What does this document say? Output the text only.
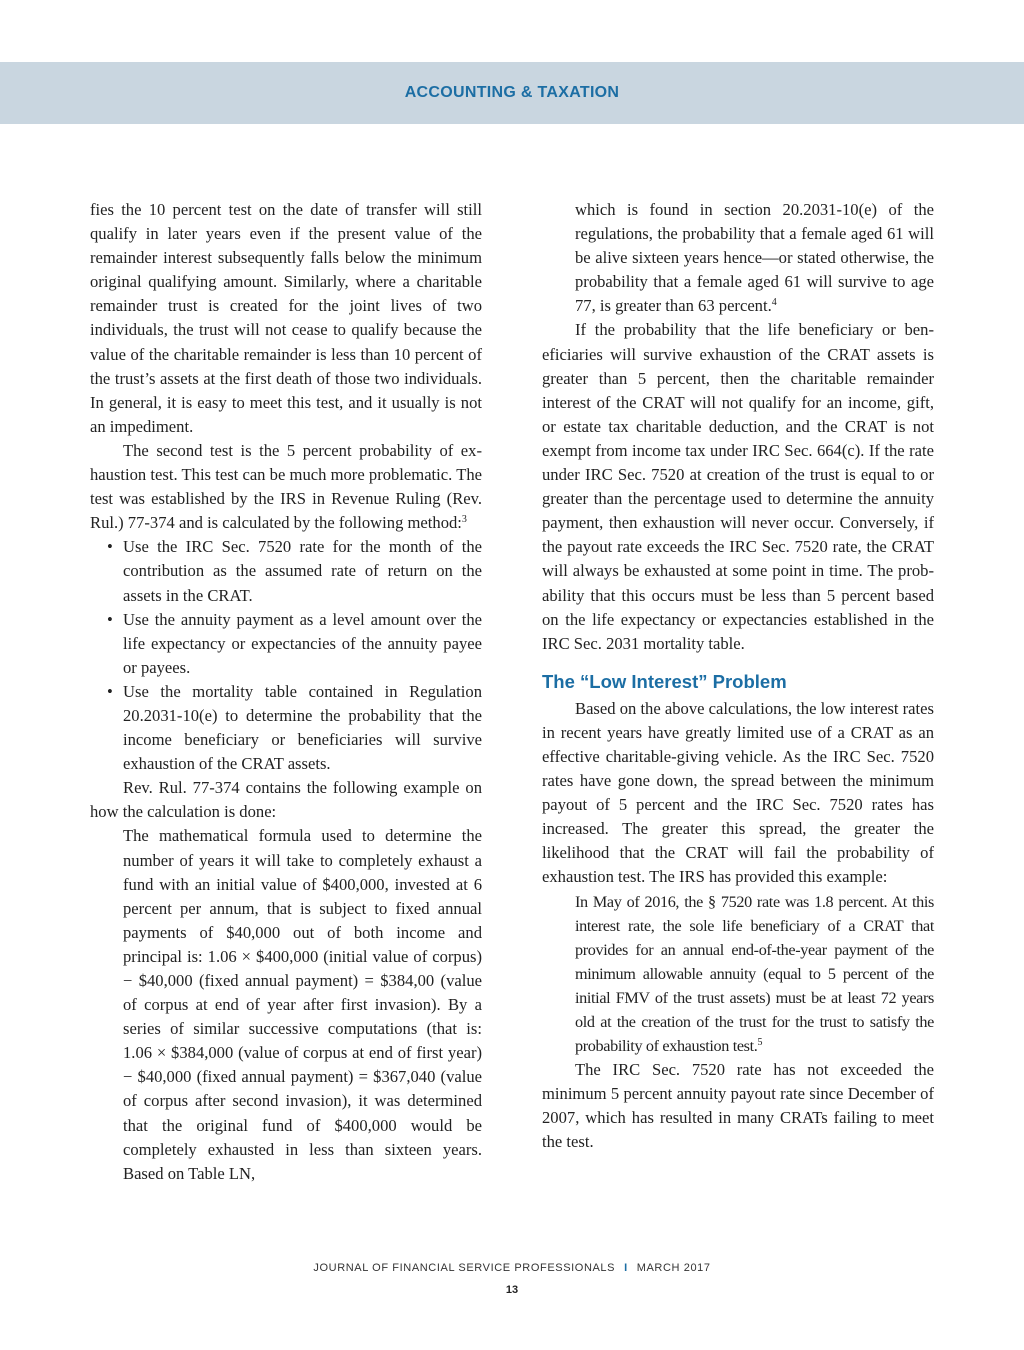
ACCOUNTING & TAXATION

fies the 10 percent test on the date of transfer will still qualify in later years even if the present value of the remainder interest subsequently falls below the minimum original qualifying amount. Similarly, where a charitable remainder trust is created for the joint lives of two individuals, the trust will not cease to qualify because the value of the charitable remainder is less than 10 percent of the trust’s assets at the first death of those two individuals. In general, it is easy to meet this test, and it usually is not an impediment.

The second test is the 5 percent probability of exhaustion test. This test can be much more problematic. The test was established by the IRS in Revenue Ruling (Rev. Rul.) 77-374 and is calculated by the following method:$^3$

• Use the IRC Sec. 7520 rate for the month of the contribution as the assumed rate of return on the assets in the CRAT.
• Use the annuity payment as a level amount over the life expectancy or expectancies of the annuity payee or payees.
• Use the mortality table contained in Regulation 20.2031-10(e) to determine the probability that the income beneficiary or beneficiaries will survive exhaustion of the CRAT assets.

Rev. Rul. 77-374 contains the following example on how the calculation is done:

The mathematical formula used to determine the number of years it will take to completely exhaust a fund with an initial value of $400,000, invested at 6 percent per annum, that is subject to fixed annual payments of $40,000 out of both income and principal is: 1.06 × $400,000 (initial value of corpus) − $40,000 (fixed annual payment) = $384,00 (value of corpus at end of year after first invasion). By a series of similar successive computations (that is: 1.06 × $384,000 (value of corpus at end of first year) − $40,000 (fixed annual payment) = $367,040 (value of corpus after second invasion), it was determined that the original fund of $400,000 would be completely exhausted in less than sixteen years. Based on Table LN,

which is found in section 20.2031-10(e) of the regulations, the probability that a female aged 61 will be alive sixteen years hence—or stated otherwise, the probability that a female aged 61 will survive to age 77, is greater than 63 percent.$^4$

If the probability that the life beneficiary or beneficiaries will survive exhaustion of the CRAT assets is greater than 5 percent, then the charitable remainder interest of the CRAT will not qualify for an income, gift, or estate tax charitable deduction, and the CRAT is not exempt from income tax under IRC Sec. 664(c). If the rate under IRC Sec. 7520 at creation of the trust is equal to or greater than the percentage used to determine the annuity payment, then exhaustion will never occur. Conversely, if the payout rate exceeds the IRC Sec. 7520 rate, the CRAT will always be exhausted at some point in time. The probability that this occurs must be less than 5 percent based on the life expectancy or expectancies established in the IRC Sec. 2031 mortality table.

The “Low Interest” Problem

Based on the above calculations, the low interest rates in recent years have greatly limited use of a CRAT as an effective charitable-giving vehicle. As the IRC Sec. 7520 rates have gone down, the spread between the minimum payout of 5 percent and the IRC Sec. 7520 rates has increased. The greater this spread, the greater the likelihood that the CRAT will fail the probability of exhaustion test. The IRS has provided this example:

In May of 2016, the § 7520 rate was 1.8 percent. At this interest rate, the sole life beneficiary of a CRAT that provides for an annual end-of-the-year payment of the minimum allowable annuity (equal to 5 percent of the initial FMV of the trust assets) must be at least 72 years old at the creation of the trust for the trust to satisfy the probability of exhaustion test.$^5$

The IRC Sec. 7520 rate has not exceeded the minimum 5 percent annuity payout rate since December of 2007, which has resulted in many CRATs failing to meet the test.

JOURNAL OF FINANCIAL SERVICE PROFESSIONALS I MARCH 2017
13
